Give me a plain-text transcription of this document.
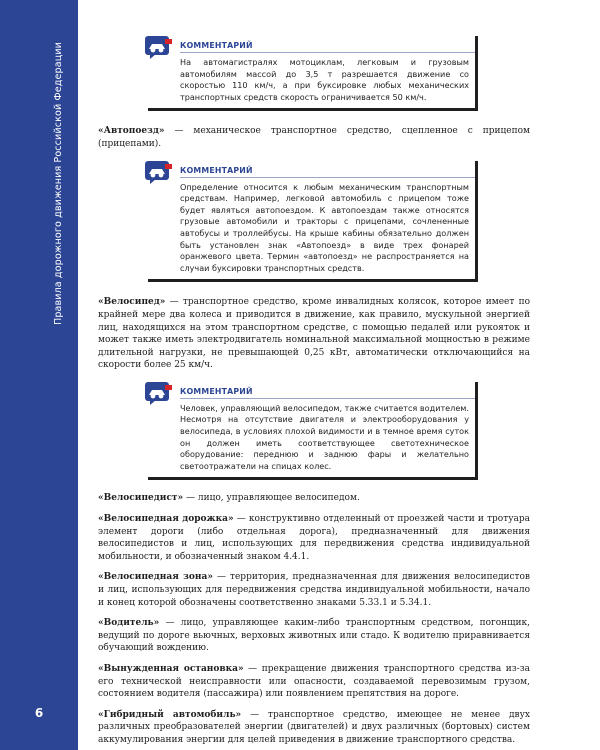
Правила дорожного движения Российской Федерации
6
КОММЕНТАРИЙ
На автомагистралях мотоциклам, легковым и грузовым автомобилям массой до 3,5 т разрешается движение со скоростью 110 км/ч, а при буксировке любых механических транспортных средств скорость ограничивается 50 км/ч.

«Автопоезд» — механическое транспортное средство, сцепленное с прицепом (прицепами).

КОММЕНТАРИЙ
Определение относится к любым механическим транспортным средствам. Например, легковой автомобиль с прицепом тоже будет являться автопоездом. К автопоездам также относятся грузовые автомобили и тракторы с прицепами, сочлененные автобусы и троллейбусы. На крыше кабины обязательно должен быть установлен знак «Автопоезд» в виде трех фонарей оранжевого цвета. Термин «автопоезд» не распространяется на случаи буксировки транспортных средств.

«Велосипед» — транспортное средство, кроме инвалидных колясок, которое имеет по крайней мере два колеса и приводится в движение, как правило, мускульной энергией лиц, находящихся на этом транспортном средстве, с помощью педалей или рукояток и может также иметь электродвигатель номинальной максимальной мощностью в режиме длительной нагрузки, не превышающей 0,25 кВт, автоматически отключающийся на скорости более 25 км/ч.

КОММЕНТАРИЙ
Человек, управляющий велосипедом, также считается водителем. Несмотря на отсутствие двигателя и электрооборудования у велосипеда, в условиях плохой видимости и в темное время суток он должен иметь соответствующее светотехническое оборудование: переднюю и заднюю фары и желательно светоотражатели на спицах колес.

«Велосипедист» — лицо, управляющее велосипедом.

«Велосипедная дорожка» — конструктивно отделенный от проезжей части и тротуара элемент дороги (либо отдельная дорога), предназначенный для движения велосипедистов и лиц, использующих для передвижения средства индивидуальной мобильности, и обозначенный знаком 4.4.1.

«Велосипедная зона» — территория, предназначенная для движения велосипедистов и лиц, использующих для передвижения средства индивидуальной мобильности, начало и конец которой обозначены соответственно знаками 5.33.1 и 5.34.1.

«Водитель» — лицо, управляющее каким-либо транспортным средством, погонщик, ведущий по дороге вьючных, верховых животных или стадо. К водителю приравнивается обучающий вождению.

«Вынужденная остановка» — прекращение движения транспортного средства из-за его технической неисправности или опасности, создаваемой перевозимым грузом, состоянием водителя (пассажира) или появлением препятствия на дороге.

«Гибридный автомобиль» — транспортное средство, имеющее не менее двух различных преобразователей энергии (двигателей) и двух различных (бортовых) систем аккумулирования энергии для целей приведения в движение транспортного средства.
